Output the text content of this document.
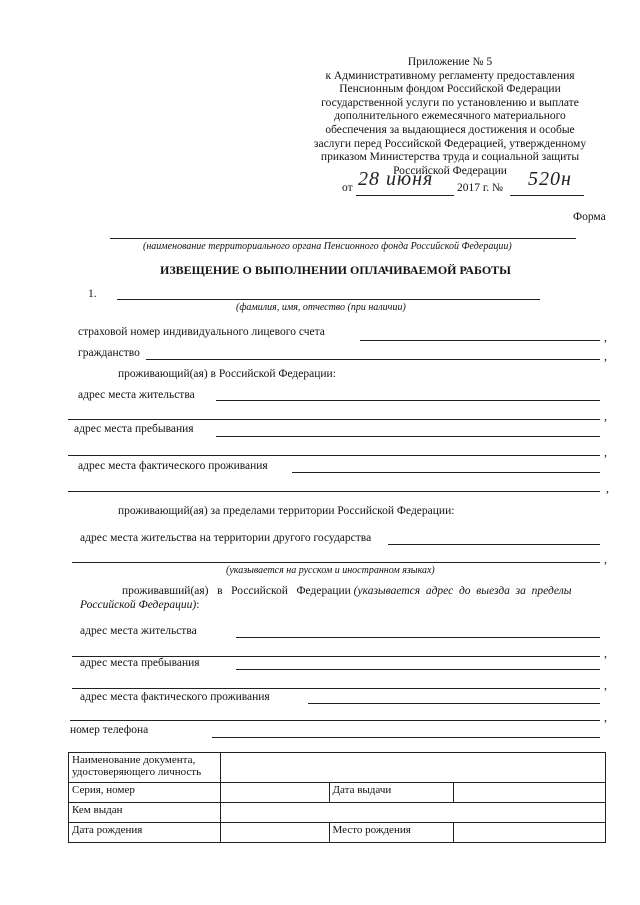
Приложение № 5
к Административному регламенту предоставления
Пенсионным фондом Российской Федерации
государственной услуги по установлению и выплате
дополнительного ежемесячного материального
обеспечения за выдающиеся достижения и особые
заслуги перед Российской Федерацией, утвержденному
приказом Министерства труда и социальной защиты
Российской Федерации
от 28 июня 2017 г. № 520н
Форма
(наименование территориального органа Пенсионного фонда Российской Федерации)
ИЗВЕЩЕНИЕ О ВЫПОЛНЕНИИ ОПЛАЧИВАЕМОЙ РАБОТЫ
1.
(фамилия, имя, отчество (при наличии)
страховой номер индивидуального лицевого счета	,
гражданство	,
проживающий(ая) в Российской Федерации:
адрес места жительства
,
адрес места пребывания
,
адрес места фактического проживания
,
проживающий(ая) за пределами территории Российской Федерации:
адрес места жительства на территории другого государства
,
(указывается на русском и иностранном языках)
проживавший(ая)   в   Российской   Федерации (указывается  адрес  до  выезда  за  пределы
Российской Федерации):
адрес места жительства
,
адрес места пребывания
,
адрес места фактического проживания
,
номер телефона
Наименование документа, удостоверяющего личность			
Серия, номер		Дата выдачи	
Кем выдан			
Дата рождения		Место рождения	
